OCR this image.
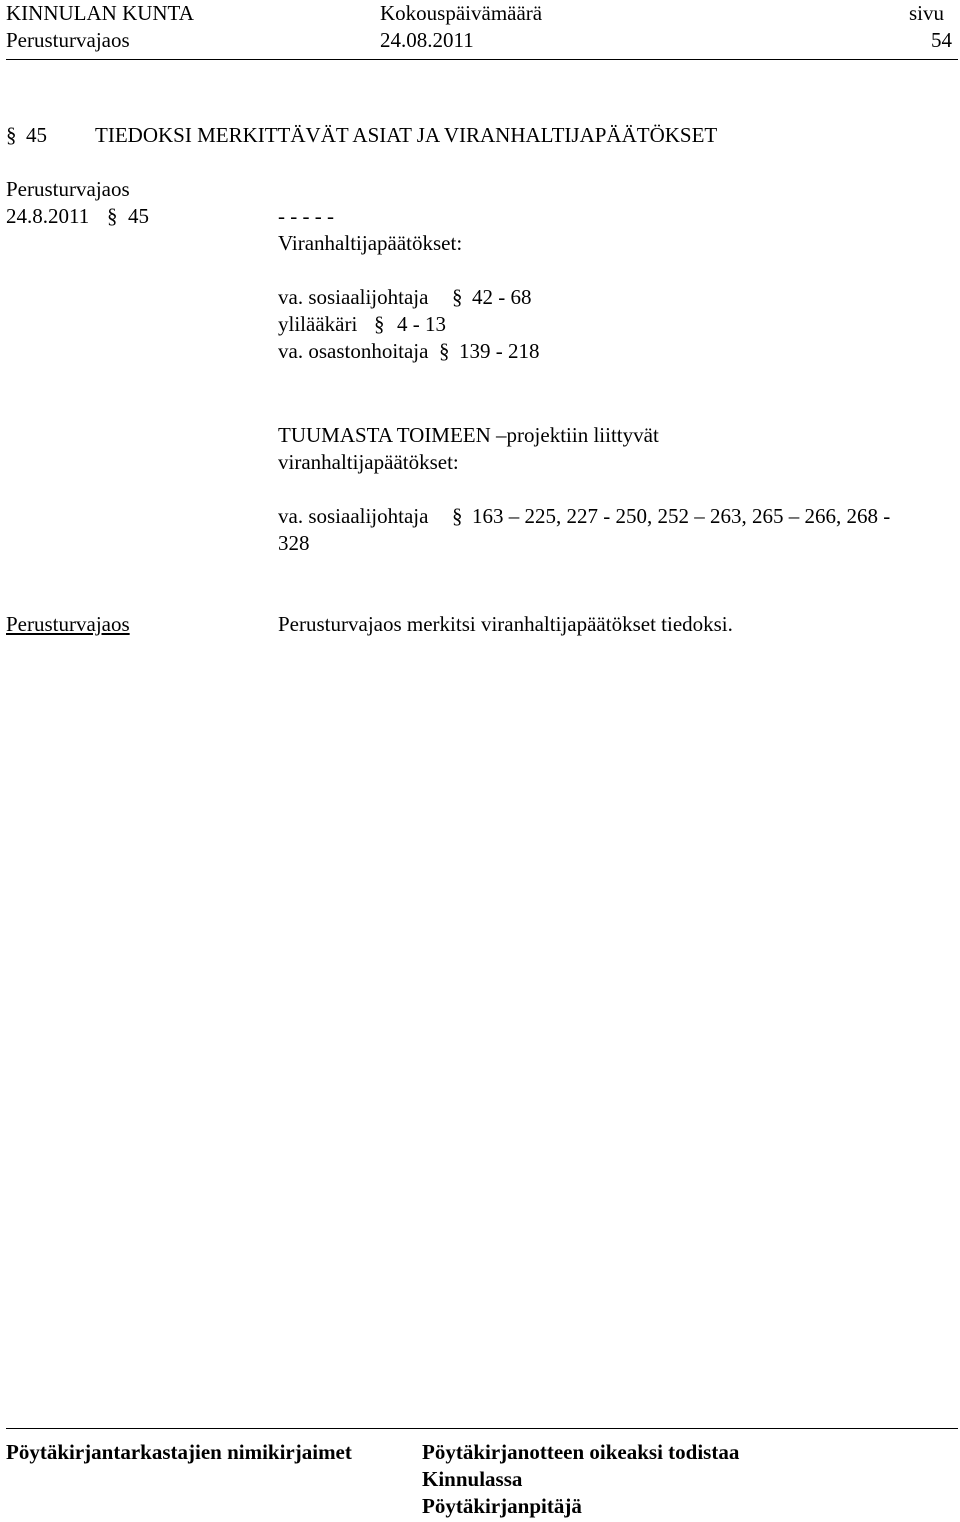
KINNULAN KUNTA	Kokouspäivämäärä	sivu
Perusturvajaos	24.08.2011	54
§ 45 TIEDOKSI MERKITTÄVÄT ASIAT JA VIRANHALTIJAPÄÄTÖKSET
Perusturvajaos
24.8.2011 § 45	- - - - -
Viranhaltijapäätökset:
va. sosiaalijohtaja § 42 - 68
ylilääkäri § 4 - 13
va. osastonhoitaja § 139 - 218
TUUMASTA TOIMEEN –projektiin liittyvät
viranhaltijapäätökset:
va. sosiaalijohtaja § 163 – 225, 227 - 250, 252 – 263, 265 – 266, 268 -
328
Perusturvajaos	Perusturvajaos merkitsi viranhaltijapäätökset tiedoksi.
Pöytäkirjantarkastajien nimikirjaimet	Pöytäkirjanotteen oikeaksi todistaa
Kinnulassa
Pöytäkirjanpitäjä
